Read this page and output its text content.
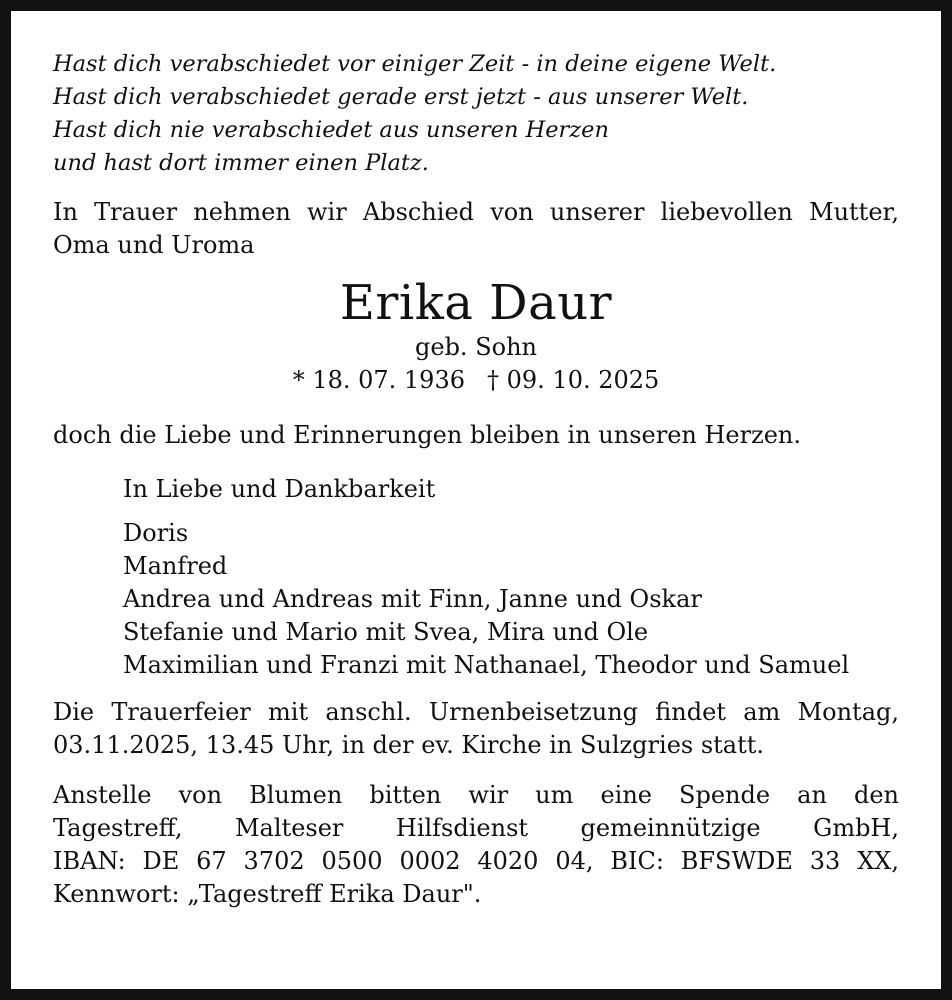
Hast dich verabschiedet vor einiger Zeit - in deine eigene Welt.
Hast dich verabschiedet gerade erst jetzt - aus unserer Welt.
Hast dich nie verabschiedet aus unseren Herzen
und hast dort immer einen Platz.
In Trauer nehmen wir Abschied von unserer liebevollen Mutter,
Oma und Uroma
Erika Daur
geb. Sohn
* 18. 07. 1936 † 09. 10. 2025
doch die Liebe und Erinnerungen bleiben in unseren Herzen.
In Liebe und Dankbarkeit
Doris
Manfred
Andrea und Andreas mit Finn, Janne und Oskar
Stefanie und Mario mit Svea, Mira und Ole
Maximilian und Franzi mit Nathanael, Theodor und Samuel
Die Trauerfeier mit anschl. Urnenbeisetzung findet am Montag,
03.11.2025, 13.45 Uhr, in der ev. Kirche in Sulzgries statt.
Anstelle von Blumen bitten wir um eine Spende an den
Tagestreff, Malteser Hilfsdienst gemeinnützige GmbH,
IBAN: DE 67 3702 0500 0002 4020 04, BIC: BFSWDE 33 XX,
Kennwort: „Tagestreff Erika Daur".
